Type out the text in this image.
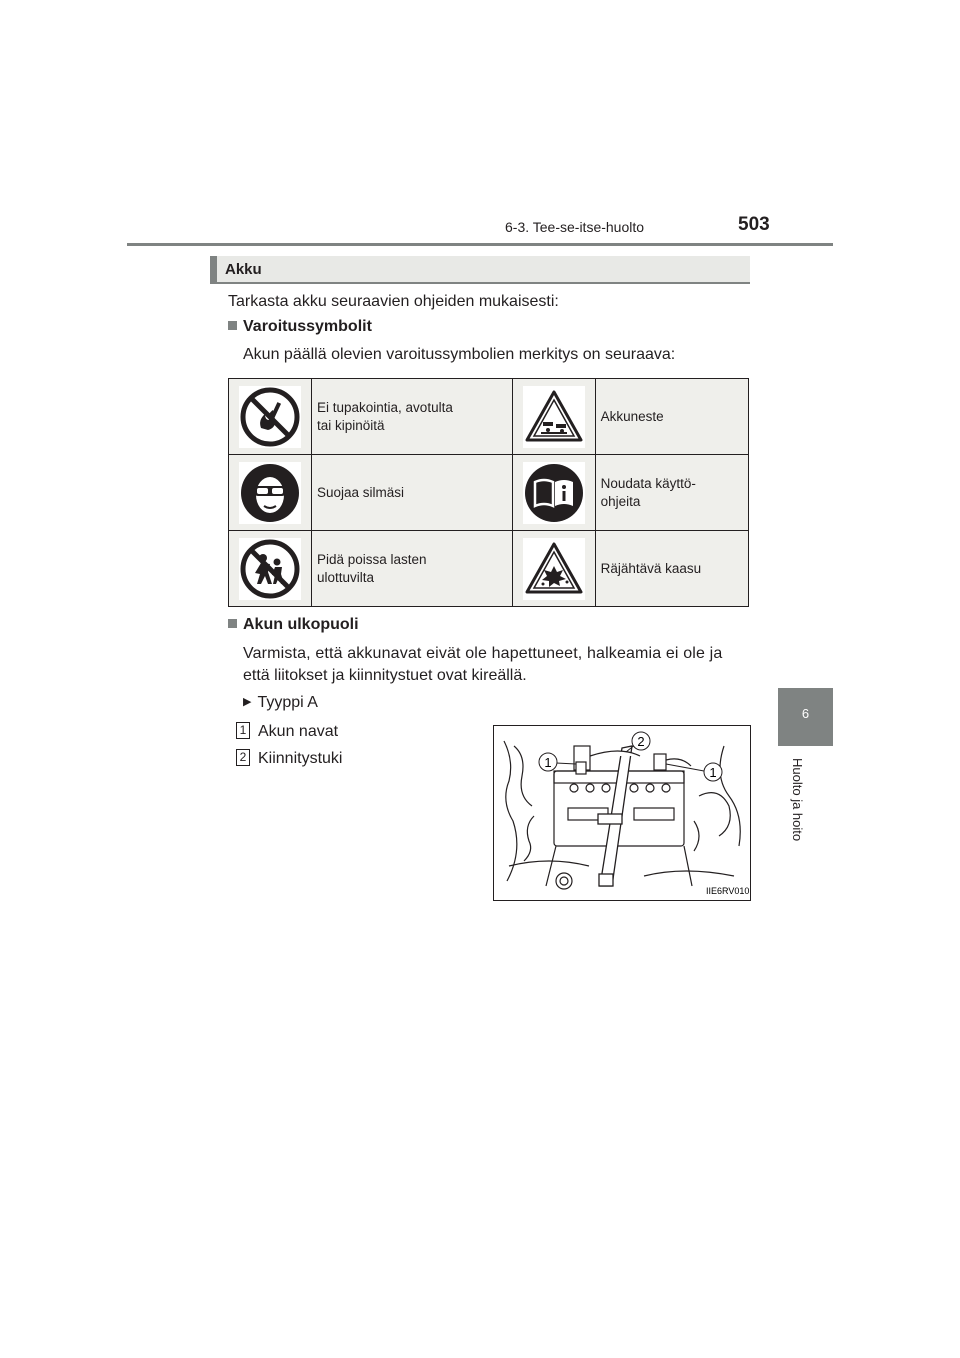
6-3. Tee-se-itse-huolto	503
6
Huolto ja hoito
Akku
Tarkasta akku seuraavien ohjeiden mukaisesti:
Varoitussymbolit
Akun päällä olevien varoitussymbolien merkitys on seuraava:

Ei tupakointia, avotulta
tai kipinöitä		Akkuneste

Suojaa silmäsi		Noudata käyttö-
ohjeita

Pidä poissa lasten
ulottuvilta		Räjähtävä kaasu
Akun ulkopuoli
Varmista, että akkunavat eivät ole hapettuneet, halkeamia ei ole ja
että liitokset ja kiinnitystuet ovat kireällä.
▶ Tyyppi A
1 Akun navat
2 Kiinnitystuki	1
2
1
IIE6RV010
